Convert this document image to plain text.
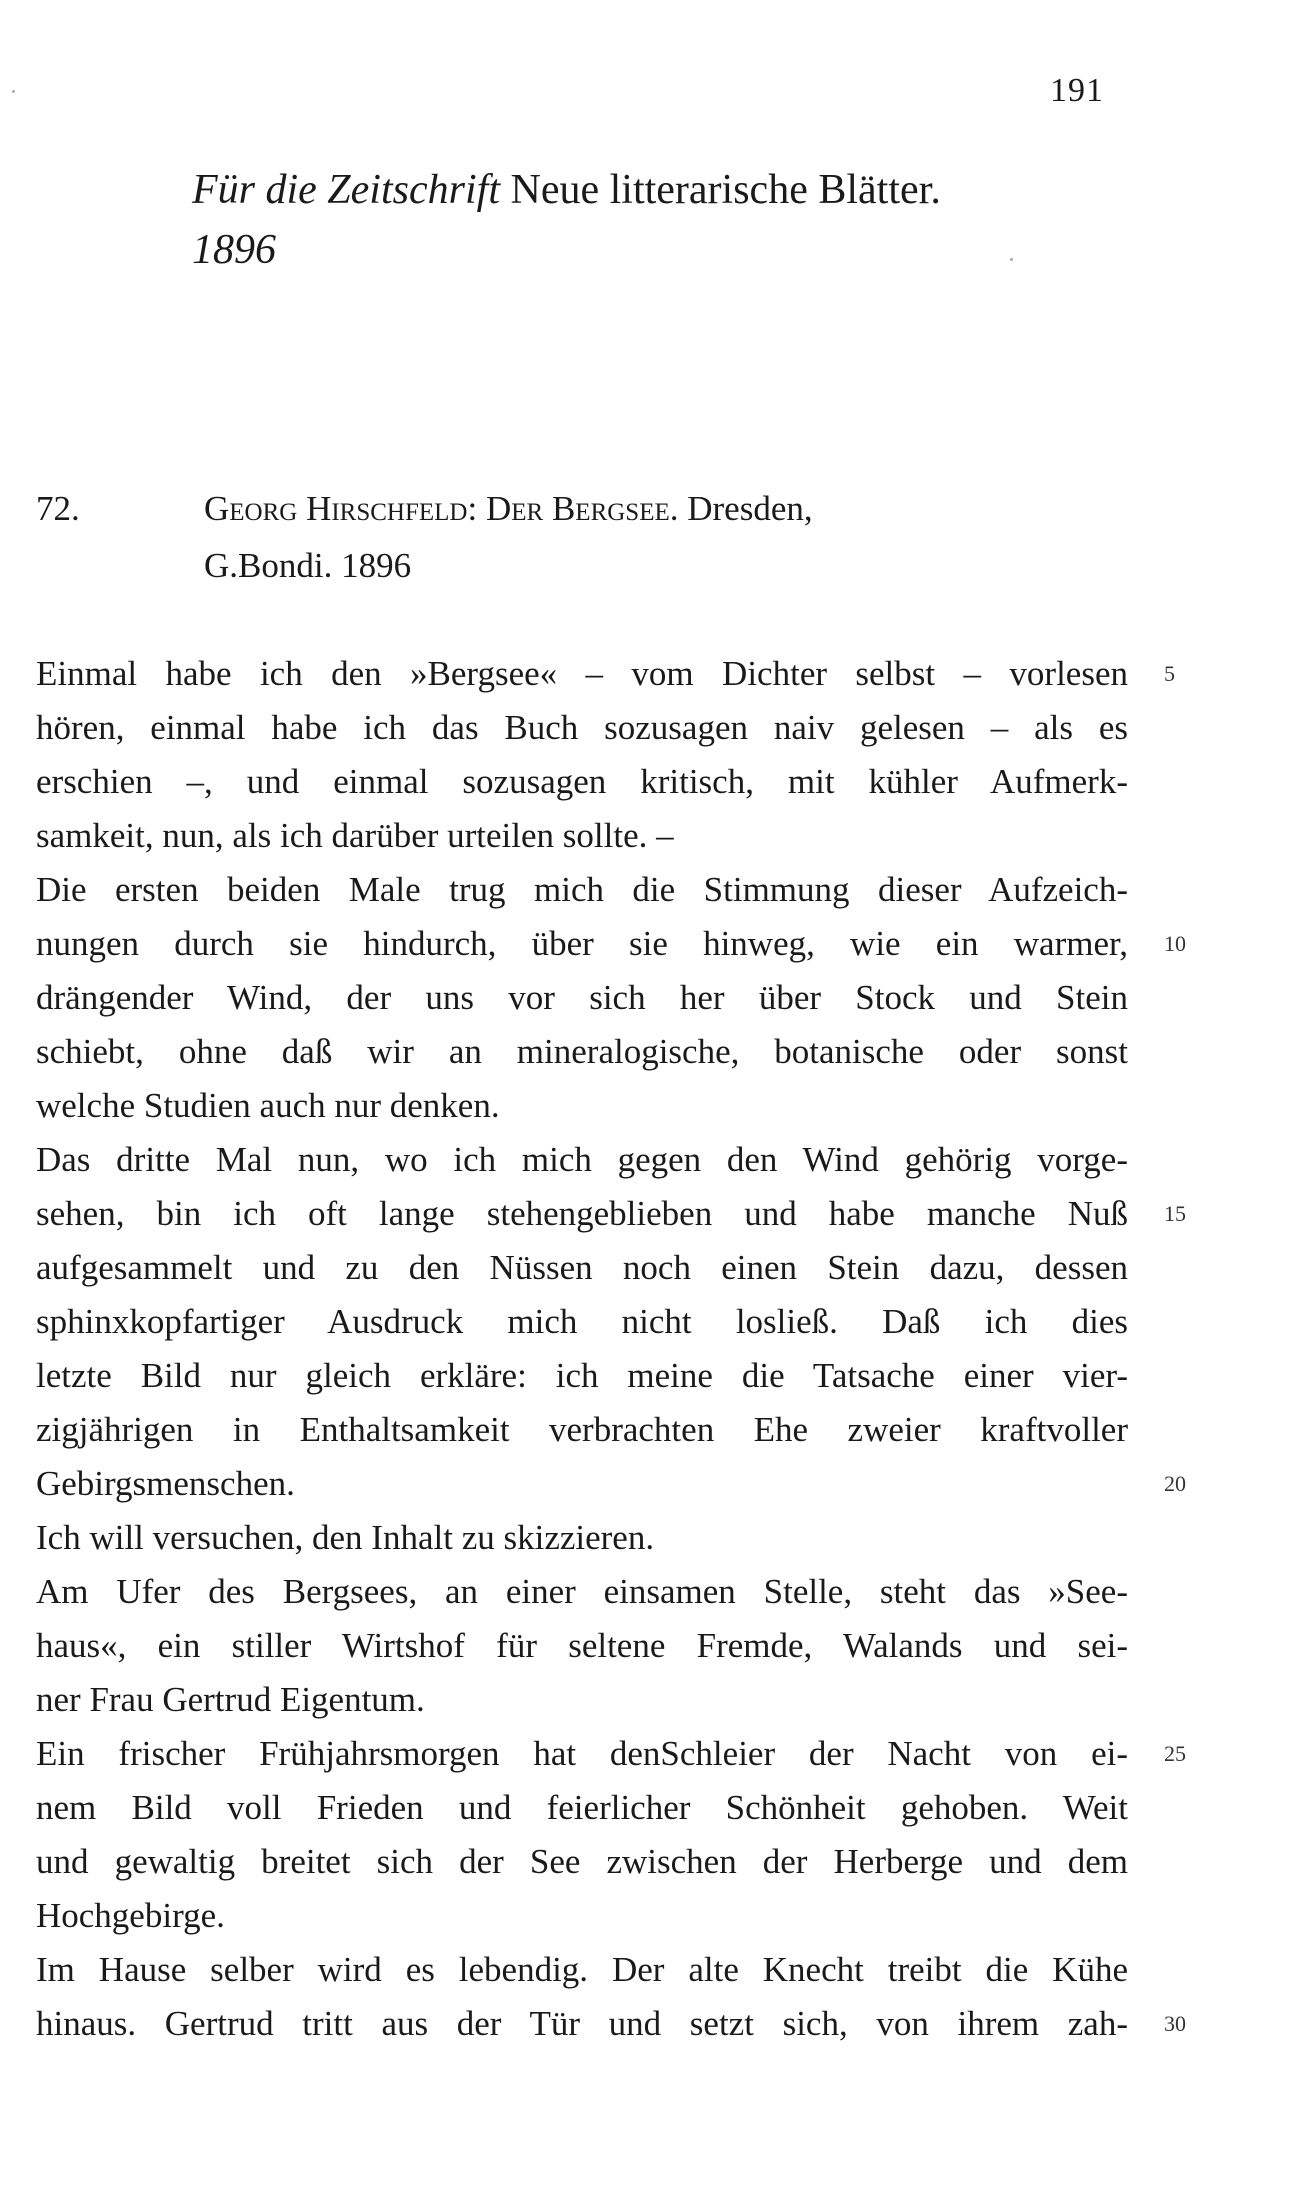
191
Für die Zeitschrift Neue litterarische Blätter.
1896
72.	Georg Hirschfeld: Der Bergsee. Dresden,
G.Bondi. 1896
Einmal habe ich den »Bergsee« – vom Dichter selbst – vorlesen
hören, einmal habe ich das Buch sozusagen naiv gelesen – als es
erschien –, und einmal sozusagen kritisch, mit kühler Aufmerk-
samkeit, nun, als ich darüber urteilen sollte. –
Die ersten beiden Male trug mich die Stimmung dieser Aufzeich-
nungen durch sie hindurch, über sie hinweg, wie ein warmer,
drängender Wind, der uns vor sich her über Stock und Stein
schiebt, ohne daß wir an mineralogische, botanische oder sonst
welche Studien auch nur denken.
Das dritte Mal nun, wo ich mich gegen den Wind gehörig vorge-
sehen, bin ich oft lange stehengeblieben und habe manche Nuß
aufgesammelt und zu den Nüssen noch einen Stein dazu, dessen
sphinxkopfartiger Ausdruck mich nicht losließ. Daß ich dies
letzte Bild nur gleich erkläre: ich meine die Tatsache einer vier-
zigjährigen in Enthaltsamkeit verbrachten Ehe zweier kraftvoller
Gebirgsmenschen.
Ich will versuchen, den Inhalt zu skizzieren.
Am Ufer des Bergsees, an einer einsamen Stelle, steht das »See-
haus«, ein stiller Wirtshof für seltene Fremde, Walands und sei-
ner Frau Gertrud Eigentum.
Ein frischer Frühjahrsmorgen hat denSchleier der Nacht von ei-
nem Bild voll Frieden und feierlicher Schönheit gehoben. Weit
und gewaltig breitet sich der See zwischen der Herberge und dem
Hochgebirge.
Im Hause selber wird es lebendig. Der alte Knecht treibt die Kühe
hinaus. Gertrud tritt aus der Tür und setzt sich, von ihrem zah-
5
10
15
20
25
30
